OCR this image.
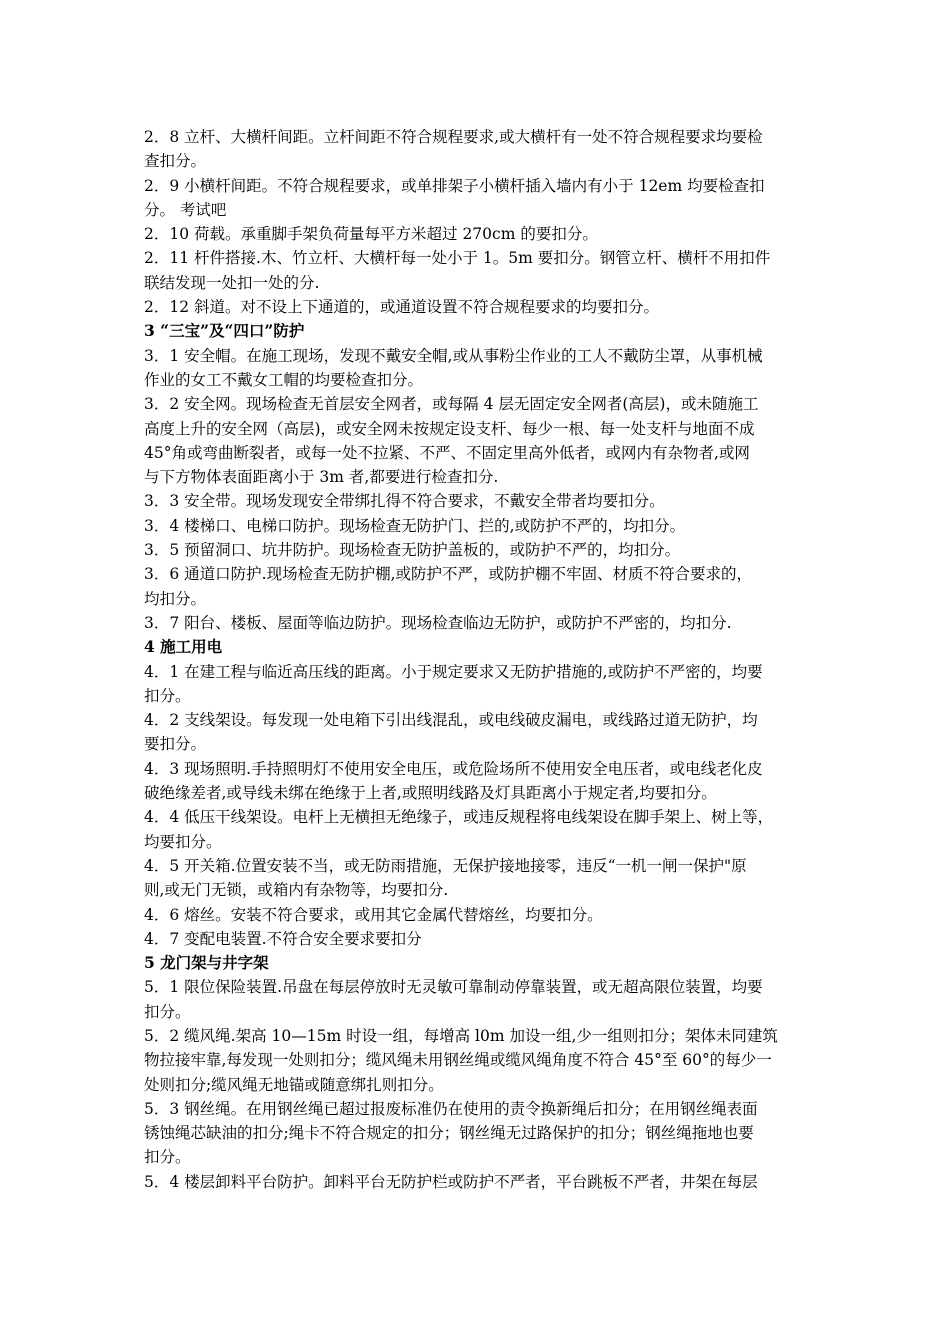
2．8 立杆、大横杆间距。立杆间距不符合规程要求,或大横杆有一处不符合规程要求均要检
查扣分。
2．9 小横杆间距。不符合规程要求，或单排架子小横杆插入墙内有小于 12em 均要检查扣
分。 考试吧
2．10 荷载。承重脚手架负荷量每平方米超过 270cm 的要扣分。
2．11 杆件搭接.木、竹立杆、大横杆每一处小于 1。5m 要扣分。钢管立杆、横杆不用扣件
联结发现一处扣一处的分.
2．12 斜道。对不设上下通道的，或通道设置不符合规程要求的均要扣分。
3 “三宝”及“四口”防护
3．1 安全帽。在施工现场，发现不戴安全帽,或从事粉尘作业的工人不戴防尘罩，从事机械
作业的女工不戴女工帽的均要检查扣分。
3．2 安全网。现场检查无首层安全网者，或每隔 4 层无固定安全网者(高层)，或未随施工
高度上升的安全网（高层)，或安全网未按规定设支杆、每少一根、每一处支杆与地面不成
45°角或弯曲断裂者，或每一处不拉紧、不严、不固定里高外低者，或网内有杂物者,或网
与下方物体表面距离小于 3m 者,都要进行检查扣分.
3．3 安全带。现场发现安全带绑扎得不符合要求，不戴安全带者均要扣分。
3．4 楼梯口、电梯口防护。现场检查无防护门、拦的,或防护不严的，均扣分。
3．5 预留洞口、坑井防护。现场检查无防护盖板的，或防护不严的，均扣分。
3．6 通道口防护.现场检查无防护棚,或防护不严，或防护棚不牢固、材质不符合要求的，
均扣分。
3．7 阳台、楼板、屋面等临边防护。现场检查临边无防护，或防护不严密的，均扣分.
4 施工用电
4．1 在建工程与临近高压线的距离。小于规定要求又无防护措施的,或防护不严密的，均要
扣分。
4．2 支线架设。每发现一处电箱下引出线混乱，或电线破皮漏电，或线路过道无防护，均
要扣分。
4．3 现场照明.手持照明灯不使用安全电压，或危险场所不使用安全电压者，或电线老化皮
破绝缘差者,或导线未绑在绝缘于上者,或照明线路及灯具距离小于规定者,均要扣分。
4．4 低压干线架设。电杆上无横担无绝缘子，或违反规程将电线架设在脚手架上、树上等，
均要扣分。
4．5 开关箱.位置安装不当，或无防雨措施，无保护接地接零，违反“一机一闸一保护"原
则,或无门无锁，或箱内有杂物等，均要扣分.
4．6 熔丝。安装不符合要求，或用其它金属代替熔丝，均要扣分。
4．7 变配电装置.不符合安全要求要扣分
5 龙门架与井字架
5．1 限位保险装置.吊盘在每层停放时无灵敏可靠制动停靠装置，或无超高限位装置，均要
扣分。
5．2 缆风绳.架高 10—15m 时设一组，每增高 l0m 加设一组,少一组则扣分；架体未同建筑
物拉接牢靠,每发现一处则扣分；缆风绳未用钢丝绳或缆风绳角度不符合 45°至 60°的每少一
处则扣分;缆风绳无地锚或随意绑扎则扣分。
5．3 钢丝绳。在用钢丝绳已超过报废标准仍在使用的责令换新绳后扣分；在用钢丝绳表面
锈蚀绳芯缺油的扣分;绳卡不符合规定的扣分；钢丝绳无过路保护的扣分；钢丝绳拖地也要
扣分。
5．4 楼层卸料平台防护。卸料平台无防护栏或防护不严者，平台跳板不严者，井架在每层
